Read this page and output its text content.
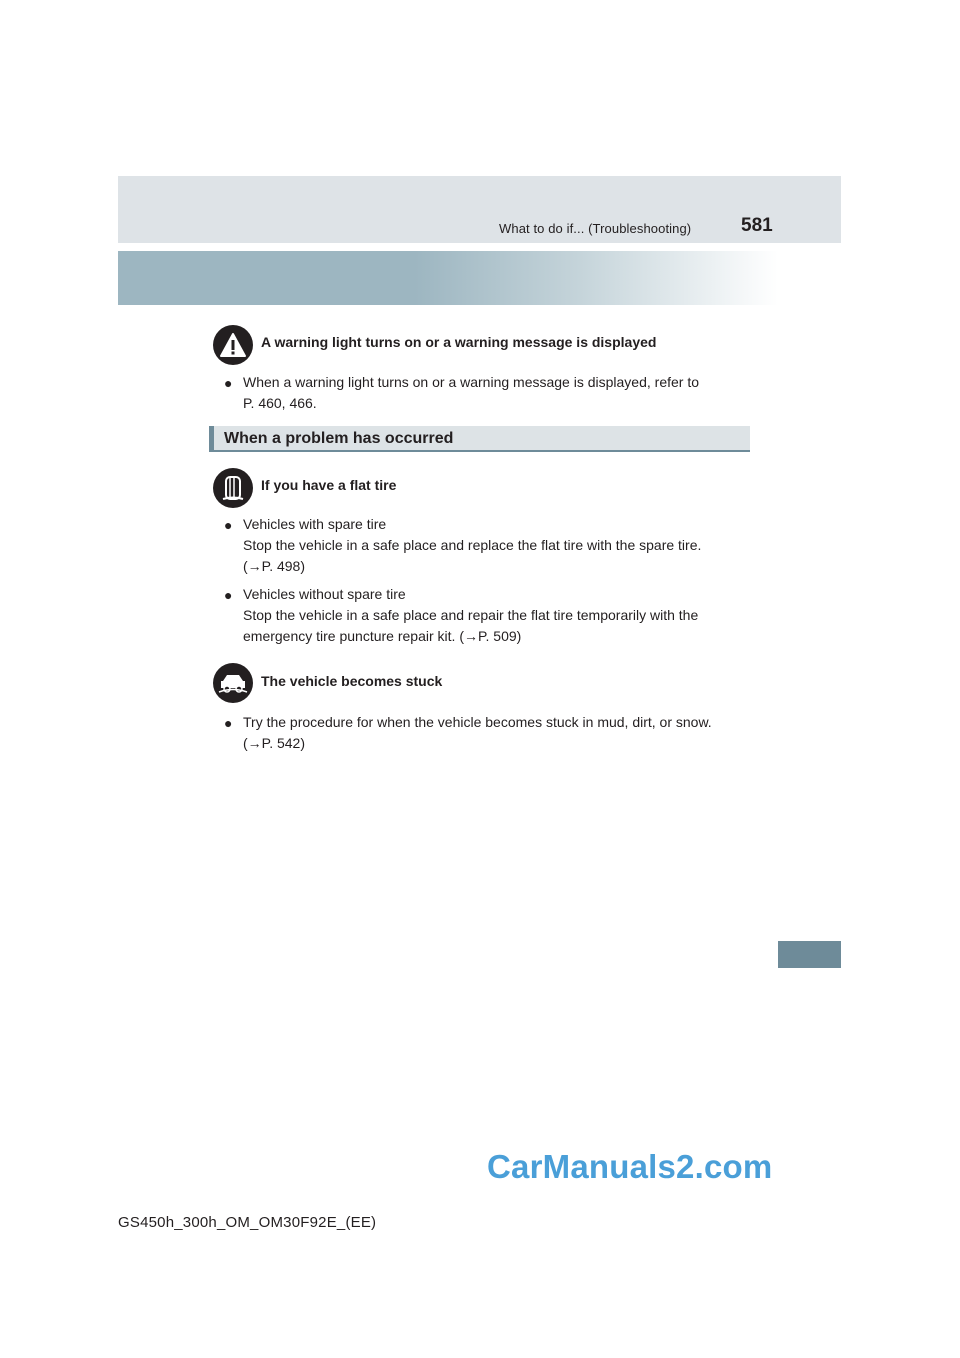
What to do if... (Troubleshooting)	581
A warning light turns on or a warning message is displayed
● When a warning light turns on or a warning message is displayed, refer to
P. 460, 466.
When a problem has occurred
If you have a flat tire
● Vehicles with spare tire
Stop the vehicle in a safe place and replace the flat tire with the spare tire.
(→P. 498)
● Vehicles without spare tire
Stop the vehicle in a safe place and repair the flat tire temporarily with the
emergency tire puncture repair kit. (→P. 509)
The vehicle becomes stuck
● Try the procedure for when the vehicle becomes stuck in mud, dirt, or snow.
(→P. 542)
CarManuals2.com
GS450h_300h_OM_OM30F92E_(EE)
